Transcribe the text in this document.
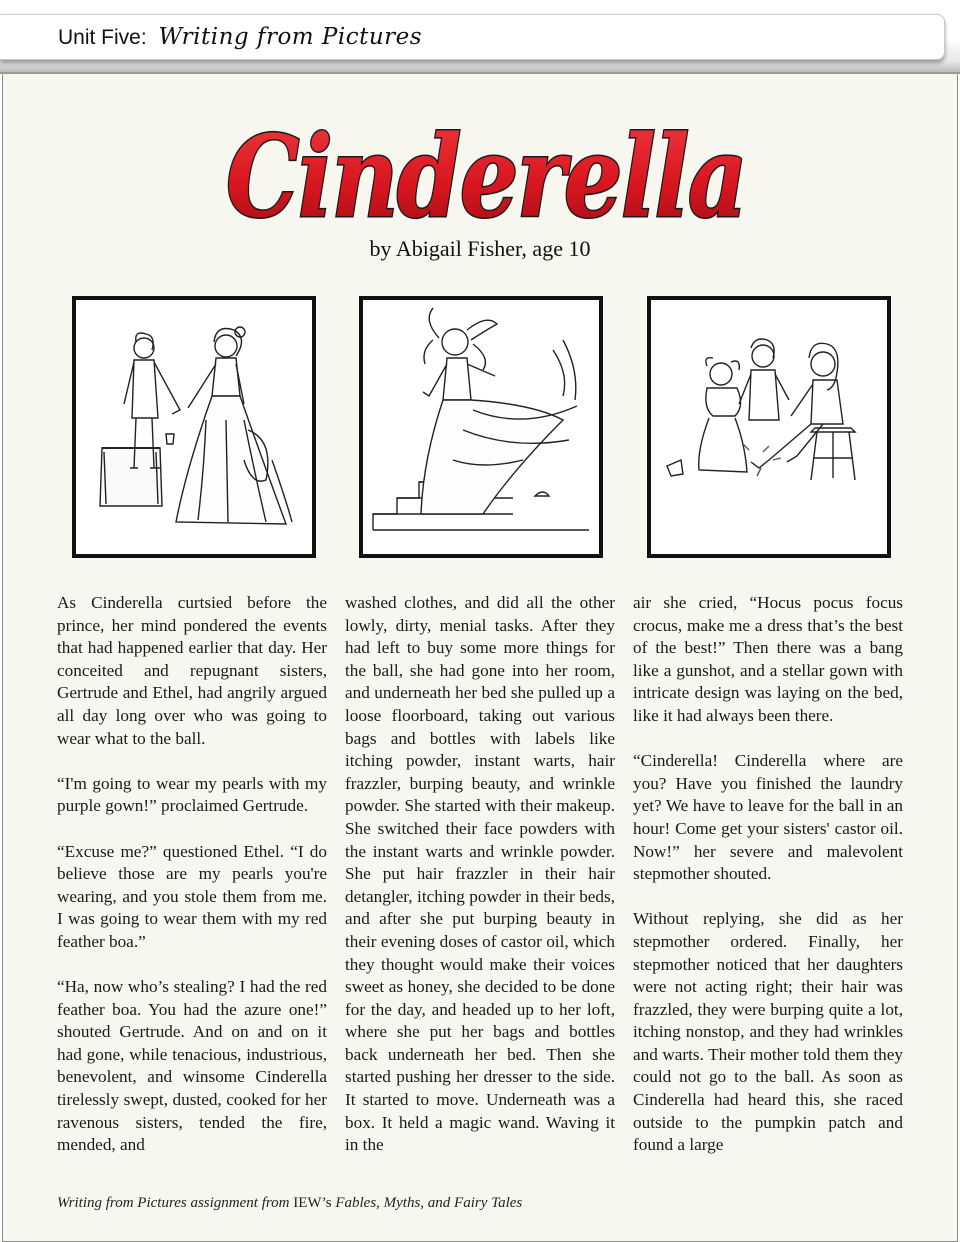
Unit Five: Writing from Pictures
Cinderella
by Abigail Fisher, age 10

As Cinderella curtsied before the prince, her mind pondered the events that had happened earlier that day. Her conceited and repugnant sisters, Gertrude and Ethel, had angrily argued all day long over who was going to wear what to the ball.

“I'm going to wear my pearls with my purple gown!” proclaimed Gertrude.

“Excuse me?” questioned Ethel. “I do believe those are my pearls you're wearing, and you stole them from me. I was going to wear them with my red feather boa.”

“Ha, now who’s stealing? I had the red feather boa. You had the azure one!” shouted Gertrude. And on and on it had gone, while tenacious, industrious, benevolent, and winsome Cinderella tirelessly swept, dusted, cooked for her ravenous sisters, tended the fire, mended, and

washed clothes, and did all the other lowly, dirty, menial tasks. After they had left to buy some more things for the ball, she had gone into her room, and underneath her bed she pulled up a loose floorboard, taking out various bags and bottles with labels like itching powder, instant warts, hair frazzler, burping beauty, and wrinkle powder. She started with their makeup. She switched their face powders with the instant warts and wrinkle powder. She put hair frazzler in their hair detangler, itching powder in their beds, and after she put burping beauty in their evening doses of castor oil, which they thought would make their voices sweet as honey, she decided to be done for the day, and headed up to her loft, where she put her bags and bottles back underneath her bed. Then she started pushing her dresser to the side. It started to move. Underneath was a box. It held a magic wand. Waving it in the

air she cried, “Hocus pocus focus crocus, make me a dress that’s the best of the best!” Then there was a bang like a gunshot, and a stellar gown with intricate design was laying on the bed, like it had always been there.

“Cinderella! Cinderella where are you? Have you finished the laundry yet? We have to leave for the ball in an hour! Come get your sisters' castor oil. Now!” her severe and malevolent stepmother shouted.

Without replying, she did as her stepmother ordered. Finally, her stepmother noticed that her daughters were not acting right; their hair was frazzled, they were burping quite a lot, itching nonstop, and they had wrinkles and warts. Their mother told them they could not go to the ball. As soon as Cinderella had heard this, she raced outside to the pumpkin patch and found a large

Writing from Pictures assignment from IEW’s Fables, Myths, and Fairy Tales
